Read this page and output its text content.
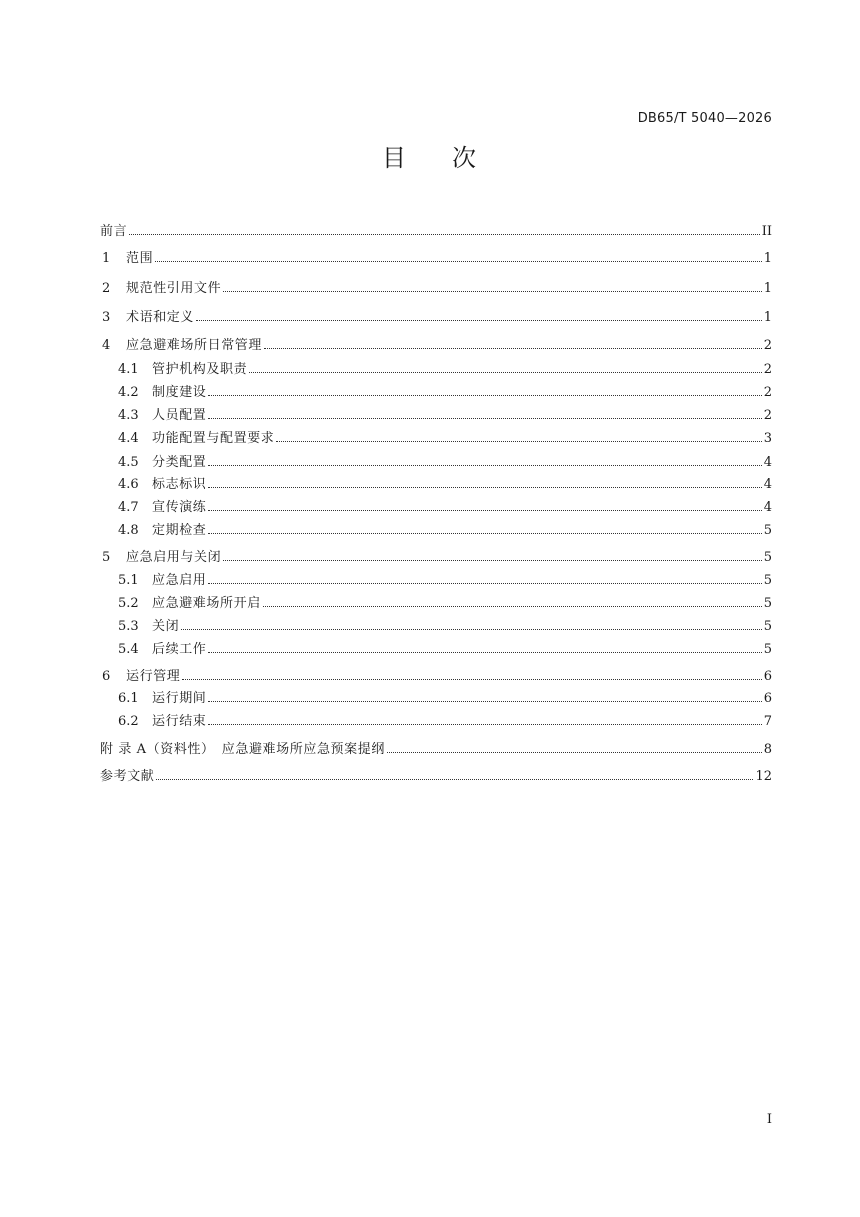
DB65/T 5040—2026
目 次
前言	II
1	范围	1
2	规范性引用文件	1
3	术语和定义	1
4	应急避难场所日常管理	2
4.1	管护机构及职责	2
4.2	制度建设	2
4.3	人员配置	2
4.4	功能配置与配置要求	3
4.5	分类配置	4
4.6	标志标识	4
4.7	宣传演练	4
4.8	定期检查	5
5	应急启用与关闭	5
5.1	应急启用	5
5.2	应急避难场所开启	5
5.3	关闭	5
5.4	后续工作	5
6	运行管理	6
6.1	运行期间	6
6.2	运行结束	7
附 录 A（资料性）　应急避难场所应急预案提纲	8
参考文献	12
I
